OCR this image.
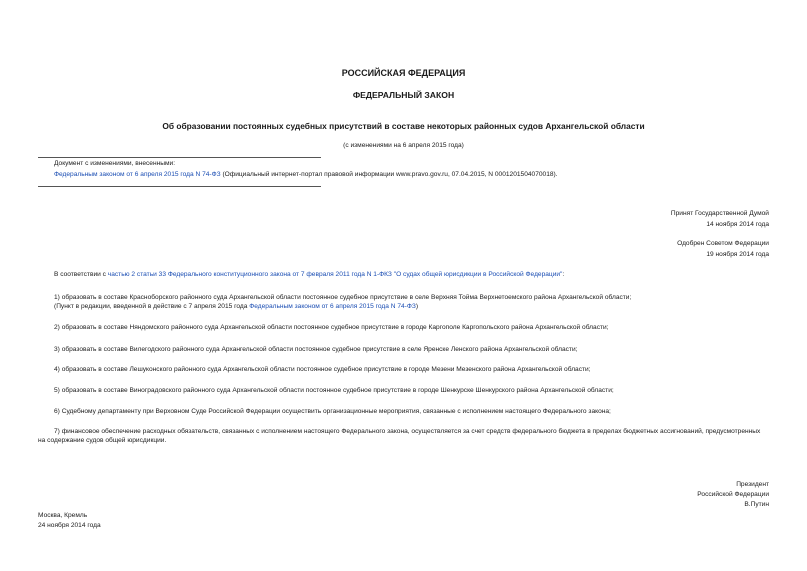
РОССИЙСКАЯ ФЕДЕРАЦИЯ
ФЕДЕРАЛЬНЫЙ ЗАКОН
Об образовании постоянных судебных присутствий в составе некоторых районных судов Архангельской области
(с изменениями на 6 апреля 2015 года)
Документ с изменениями, внесенными:
Федеральным законом от 6 апреля 2015 года N 74-ФЗ (Официальный интернет-портал правовой информации www.pravo.gov.ru, 07.04.2015, N 0001201504070018).
Принят Государственной Думой
14 ноября 2014 года
Одобрен Советом Федерации
19 ноября 2014 года
В соответствии с частью 2 статьи 33 Федерального конституционного закона от 7 февраля 2011 года N 1-ФКЗ "О судах общей юрисдикции в Российской Федерации":
1) образовать в составе Красноборского районного суда Архангельской области постоянное судебное присутствие в селе Верхняя Тойма Верхнетоемского района Архангельской области;
(Пункт в редакции, введенной в действие с 7 апреля 2015 года Федеральным законом от 6 апреля 2015 года N 74-ФЗ)
2) образовать в составе Няндомского районного суда Архангельской области постоянное судебное присутствие в городе Каргополе Каргопольского района Архангельской области;
3) образовать в составе Вилегодского районного суда Архангельской области постоянное судебное присутствие в селе Яренске Ленского района Архангельской области;
4) образовать в составе Лешуконского районного суда Архангельской области постоянное судебное присутствие в городе Мезени Мезенского района Архангельской области;
5) образовать в составе Виноградовского районного суда Архангельской области постоянное судебное присутствие в городе Шенкурске Шенкурского района Архангельской области;
6) Судебному департаменту при Верховном Суде Российской Федерации осуществить организационные мероприятия, связанные с исполнением настоящего Федерального закона;
7) финансовое обеспечение расходных обязательств, связанных с исполнением настоящего Федерального закона, осуществляется за счет средств федерального бюджета в пределах бюджетных ассигнований, предусмотренных на содержание судов общей юрисдикции.
Президент
Российской Федерации
В.Путин
Москва, Кремль
24 ноября 2014 года
